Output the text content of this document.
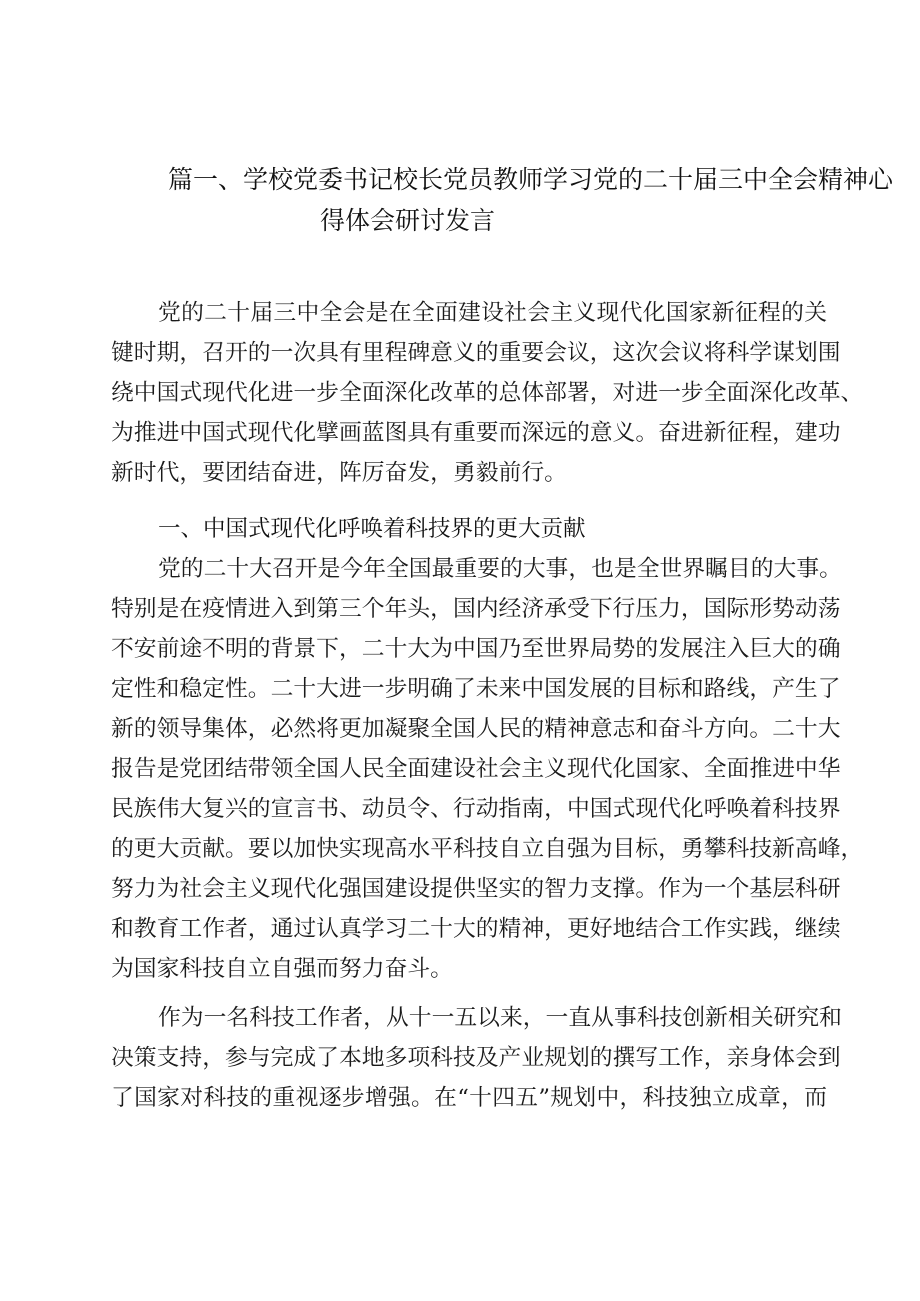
篇一、学校党委书记校长党员教师学习党的二十届三中全会精神心
得体会研讨发言
党的二十届三中全会是在全面建设社会主义现代化国家新征程的关
键时期，召开的一次具有里程碑意义的重要会议，这次会议将科学谋划围
绕中国式现代化进一步全面深化改革的总体部署，对进一步全面深化改革、
为推进中国式现代化擘画蓝图具有重要而深远的意义。奋进新征程，建功
新时代，要团结奋进，阵厉奋发，勇毅前行。
一、中国式现代化呼唤着科技界的更大贡献
党的二十大召开是今年全国最重要的大事，也是全世界瞩目的大事。
特别是在疫情进入到第三个年头，国内经济承受下行压力，国际形势动荡
不安前途不明的背景下，二十大为中国乃至世界局势的发展注入巨大的确
定性和稳定性。二十大进一步明确了未来中国发展的目标和路线，产生了
新的领导集体，必然将更加凝聚全国人民的精神意志和奋斗方向。二十大
报告是党团结带领全国人民全面建设社会主义现代化国家、全面推进中华
民族伟大复兴的宣言书、动员令、行动指南，中国式现代化呼唤着科技界
的更大贡献。要以加快实现高水平科技自立自强为目标，勇攀科技新高峰，
努力为社会主义现代化强国建设提供坚实的智力支撑。作为一个基层科研
和教育工作者，通过认真学习二十大的精神，更好地结合工作实践，继续
为国家科技自立自强而努力奋斗。
作为一名科技工作者，从十一五以来，一直从事科技创新相关研究和
决策支持，参与完成了本地多项科技及产业规划的撰写工作，亲身体会到
了国家对科技的重视逐步增强。在“十四五”规划中，科技独立成章，而
